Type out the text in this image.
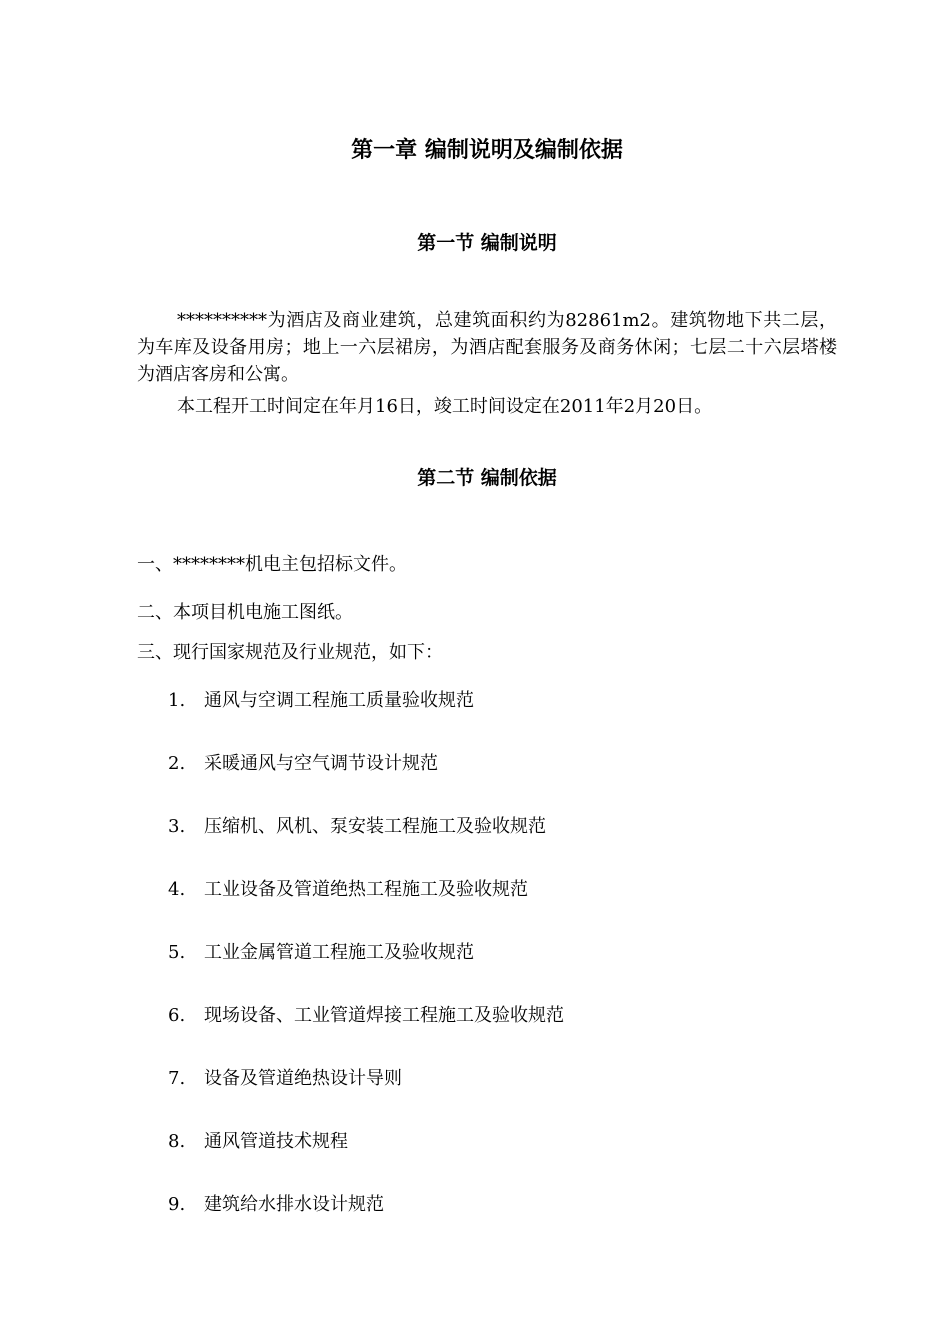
第一章 编制说明及编制依据
第一节 编制说明

**********为酒店及商业建筑，总建筑面积约为82861m2。建筑物地下共二层，为车库及设备用房；地上一六层裙房，为酒店配套服务及商务休闲；七层二十六层塔楼为酒店客房和公寓。

本工程开工时间定在年月16日，竣工时间设定在2011年2月20日。

第二节 编制依据

一、********机电主包招标文件。

二、本项目机电施工图纸。

三、现行国家规范及行业规范，如下：

1. 通风与空调工程施工质量验收规范

2. 采暖通风与空气调节设计规范

3. 压缩机、风机、泵安装工程施工及验收规范

4. 工业设备及管道绝热工程施工及验收规范

5. 工业金属管道工程施工及验收规范

6. 现场设备、工业管道焊接工程施工及验收规范

7. 设备及管道绝热设计导则

8. 通风管道技术规程

9. 建筑给水排水设计规范
